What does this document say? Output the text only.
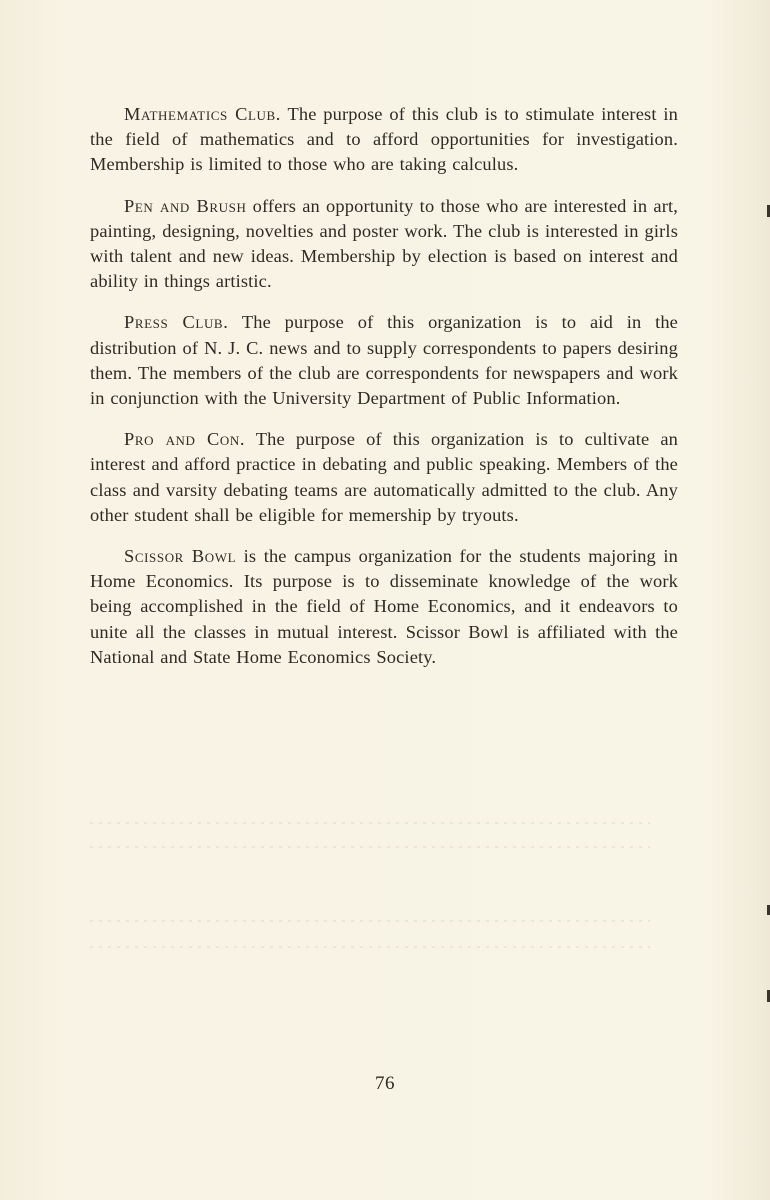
Mathematics Club. The purpose of this club is to stimulate interest in the field of mathematics and to afford opportunities for investigation. Membership is limited to those who are taking calculus.

Pen and Brush offers an opportunity to those who are interested in art, painting, designing, novelties and poster work. The club is interested in girls with talent and new ideas. Membership by election is based on interest and ability in things artistic.

Press Club. The purpose of this organization is to aid in the distribution of N. J. C. news and to supply correspondents to papers desiring them. The members of the club are correspondents for newspapers and work in conjunction with the University Department of Public Information.

Pro and Con. The purpose of this organization is to cultivate an interest and afford practice in debating and public speaking. Members of the class and varsity debating teams are automatically admitted to the club. Any other student shall be eligible for memership by tryouts.

Scissor Bowl is the campus organization for the students majoring in Home Economics. Its purpose is to disseminate knowledge of the work being accomplished in the field of Home Economics, and it endeavors to unite all the classes in mutual interest. Scissor Bowl is affiliated with the National and State Home Economics Society.

76
